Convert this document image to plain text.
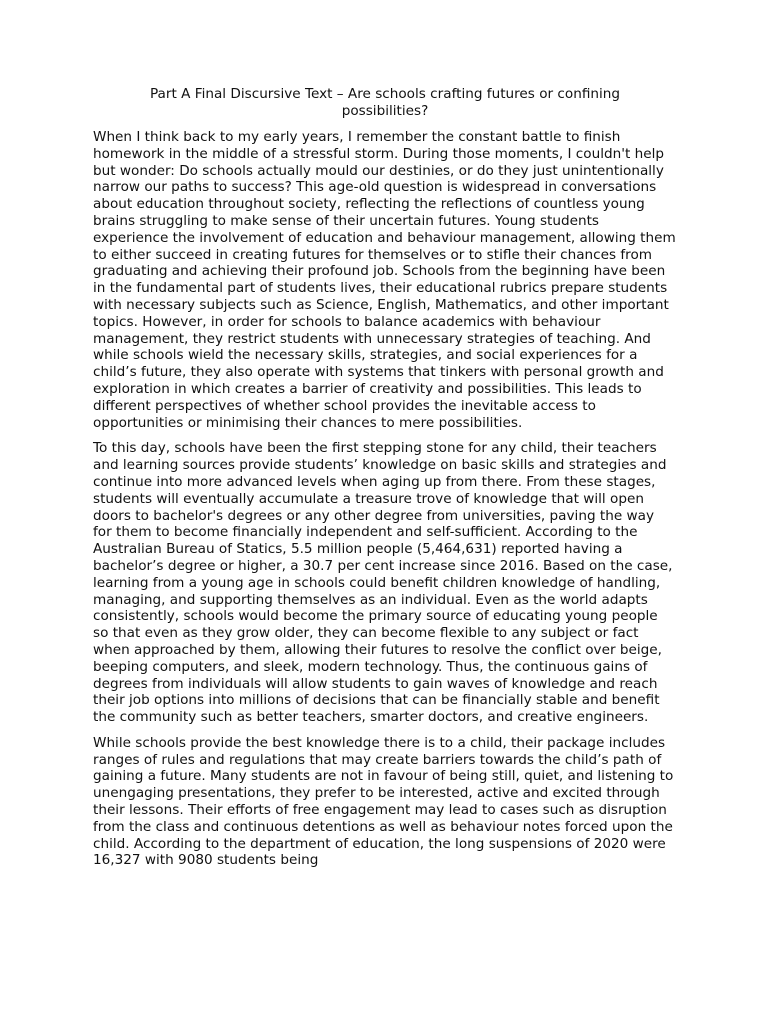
Part A Final Discursive Text – Are schools crafting futures or confining possibilities?

When I think back to my early years, I remember the constant battle to finish homework in the middle of a stressful storm. During those moments, I couldn't help but wonder: Do schools actually mould our destinies, or do they just unintentionally narrow our paths to success? This age-old question is widespread in conversations about education throughout society, reflecting the reflections of countless young brains struggling to make sense of their uncertain futures. Young students experience the involvement of education and behaviour management, allowing them to either succeed in creating futures for themselves or to stifle their chances from graduating and achieving their profound job. Schools from the beginning have been in the fundamental part of students lives, their educational rubrics prepare students with necessary subjects such as Science, English, Mathematics, and other important topics. However, in order for schools to balance academics with behaviour management, they restrict students with unnecessary strategies of teaching. And while schools wield the necessary skills, strategies, and social experiences for a child’s future, they also operate with systems that tinkers with personal growth and exploration in which creates a barrier of creativity and possibilities. This leads to different perspectives of whether school provides the inevitable access to opportunities or minimising their chances to mere possibilities.

To this day, schools have been the first stepping stone for any child, their teachers and learning sources provide students’ knowledge on basic skills and strategies and continue into more advanced levels when aging up from there. From these stages, students will eventually accumulate a treasure trove of knowledge that will open doors to bachelor's degrees or any other degree from universities, paving the way for them to become financially independent and self-sufficient. According to the Australian Bureau of Statics, 5.5 million people (5,464,631) reported having a bachelor’s degree or higher, a 30.7 per cent increase since 2016. Based on the case, learning from a young age in schools could benefit children knowledge of handling, managing, and supporting themselves as an individual. Even as the world adapts consistently, schools would become the primary source of educating young people so that even as they grow older, they can become flexible to any subject or fact when approached by them, allowing their futures to resolve the conflict over beige, beeping computers, and sleek, modern technology. Thus, the continuous gains of degrees from individuals will allow students to gain waves of knowledge and reach their job options into millions of decisions that can be financially stable and benefit the community such as better teachers, smarter doctors, and creative engineers.

While schools provide the best knowledge there is to a child, their package includes ranges of rules and regulations that may create barriers towards the child’s path of gaining a future. Many students are not in favour of being still, quiet, and listening to unengaging presentations, they prefer to be interested, active and excited through their lessons. Their efforts of free engagement may lead to cases such as disruption from the class and continuous detentions as well as behaviour notes forced upon the child. According to the department of education, the long suspensions of 2020 were 16,327 with 9080 students being
